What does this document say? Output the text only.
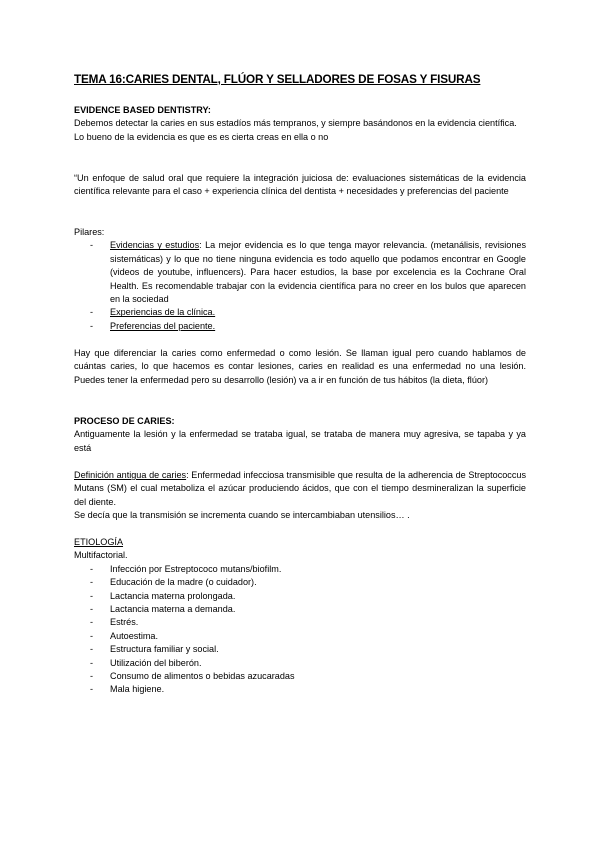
TEMA 16:CARIES DENTAL, FLÚOR Y SELLADORES DE FOSAS Y FISURAS
EVIDENCE BASED DENTISTRY:
Debemos detectar la caries en sus estadíos más tempranos, y siempre basándonos en la evidencia científica.
Lo bueno de la evidencia es que es es cierta creas en ella o no
“Un enfoque de salud oral que requiere la integración juiciosa de: evaluaciones sistemáticas de la evidencia científica relevante para el caso + experiencia clínica del dentista + necesidades y preferencias del paciente
Pilares:
- Evidencias y estudios: La mejor evidencia es lo que tenga mayor relevancia. (metanálisis, revisiones sistemáticas) y lo que no tiene ninguna evidencia es todo aquello que podamos encontrar en Google (videos de youtube, influencers). Para hacer estudios, la base por excelencia es la Cochrane Oral Health. Es recomendable trabajar con la evidencia científica para no creer en los bulos que aparecen en la sociedad
- Experiencias de la clínica.
- Preferencias del paciente.
Hay que diferenciar la caries como enfermedad o como lesión. Se llaman igual pero cuando hablamos de cuántas caries, lo que hacemos es contar lesiones, caries en realidad es una enfermedad no una lesión. Puedes tener la enfermedad pero su desarrollo (lesión) va a ir en función de tus hábitos (la dieta, flúor)
PROCESO DE CARIES:
Antiguamente la lesión y la enfermedad se trataba igual, se trataba de manera muy agresiva, se tapaba y ya está
Definición antigua de caries: Enfermedad infecciosa transmisible que resulta de la adherencia de Streptococcus Mutans (SM) el cual metaboliza el azúcar produciendo ácidos, que con el tiempo desmineralizan la superficie del diente.
Se decía que la transmisión se incrementa cuando se intercambiaban utensilios… .
ETIOLOGÍA
Multifactorial.
- Infección por Estreptococo mutans/biofilm.
- Educación de la madre (o cuidador).
- Lactancia materna prolongada.
- Lactancia materna a demanda.
- Estrés.
- Autoestima.
- Estructura familiar y social.
- Utilización del biberón.
- Consumo de alimentos o bebidas azucaradas
- Mala higiene.
